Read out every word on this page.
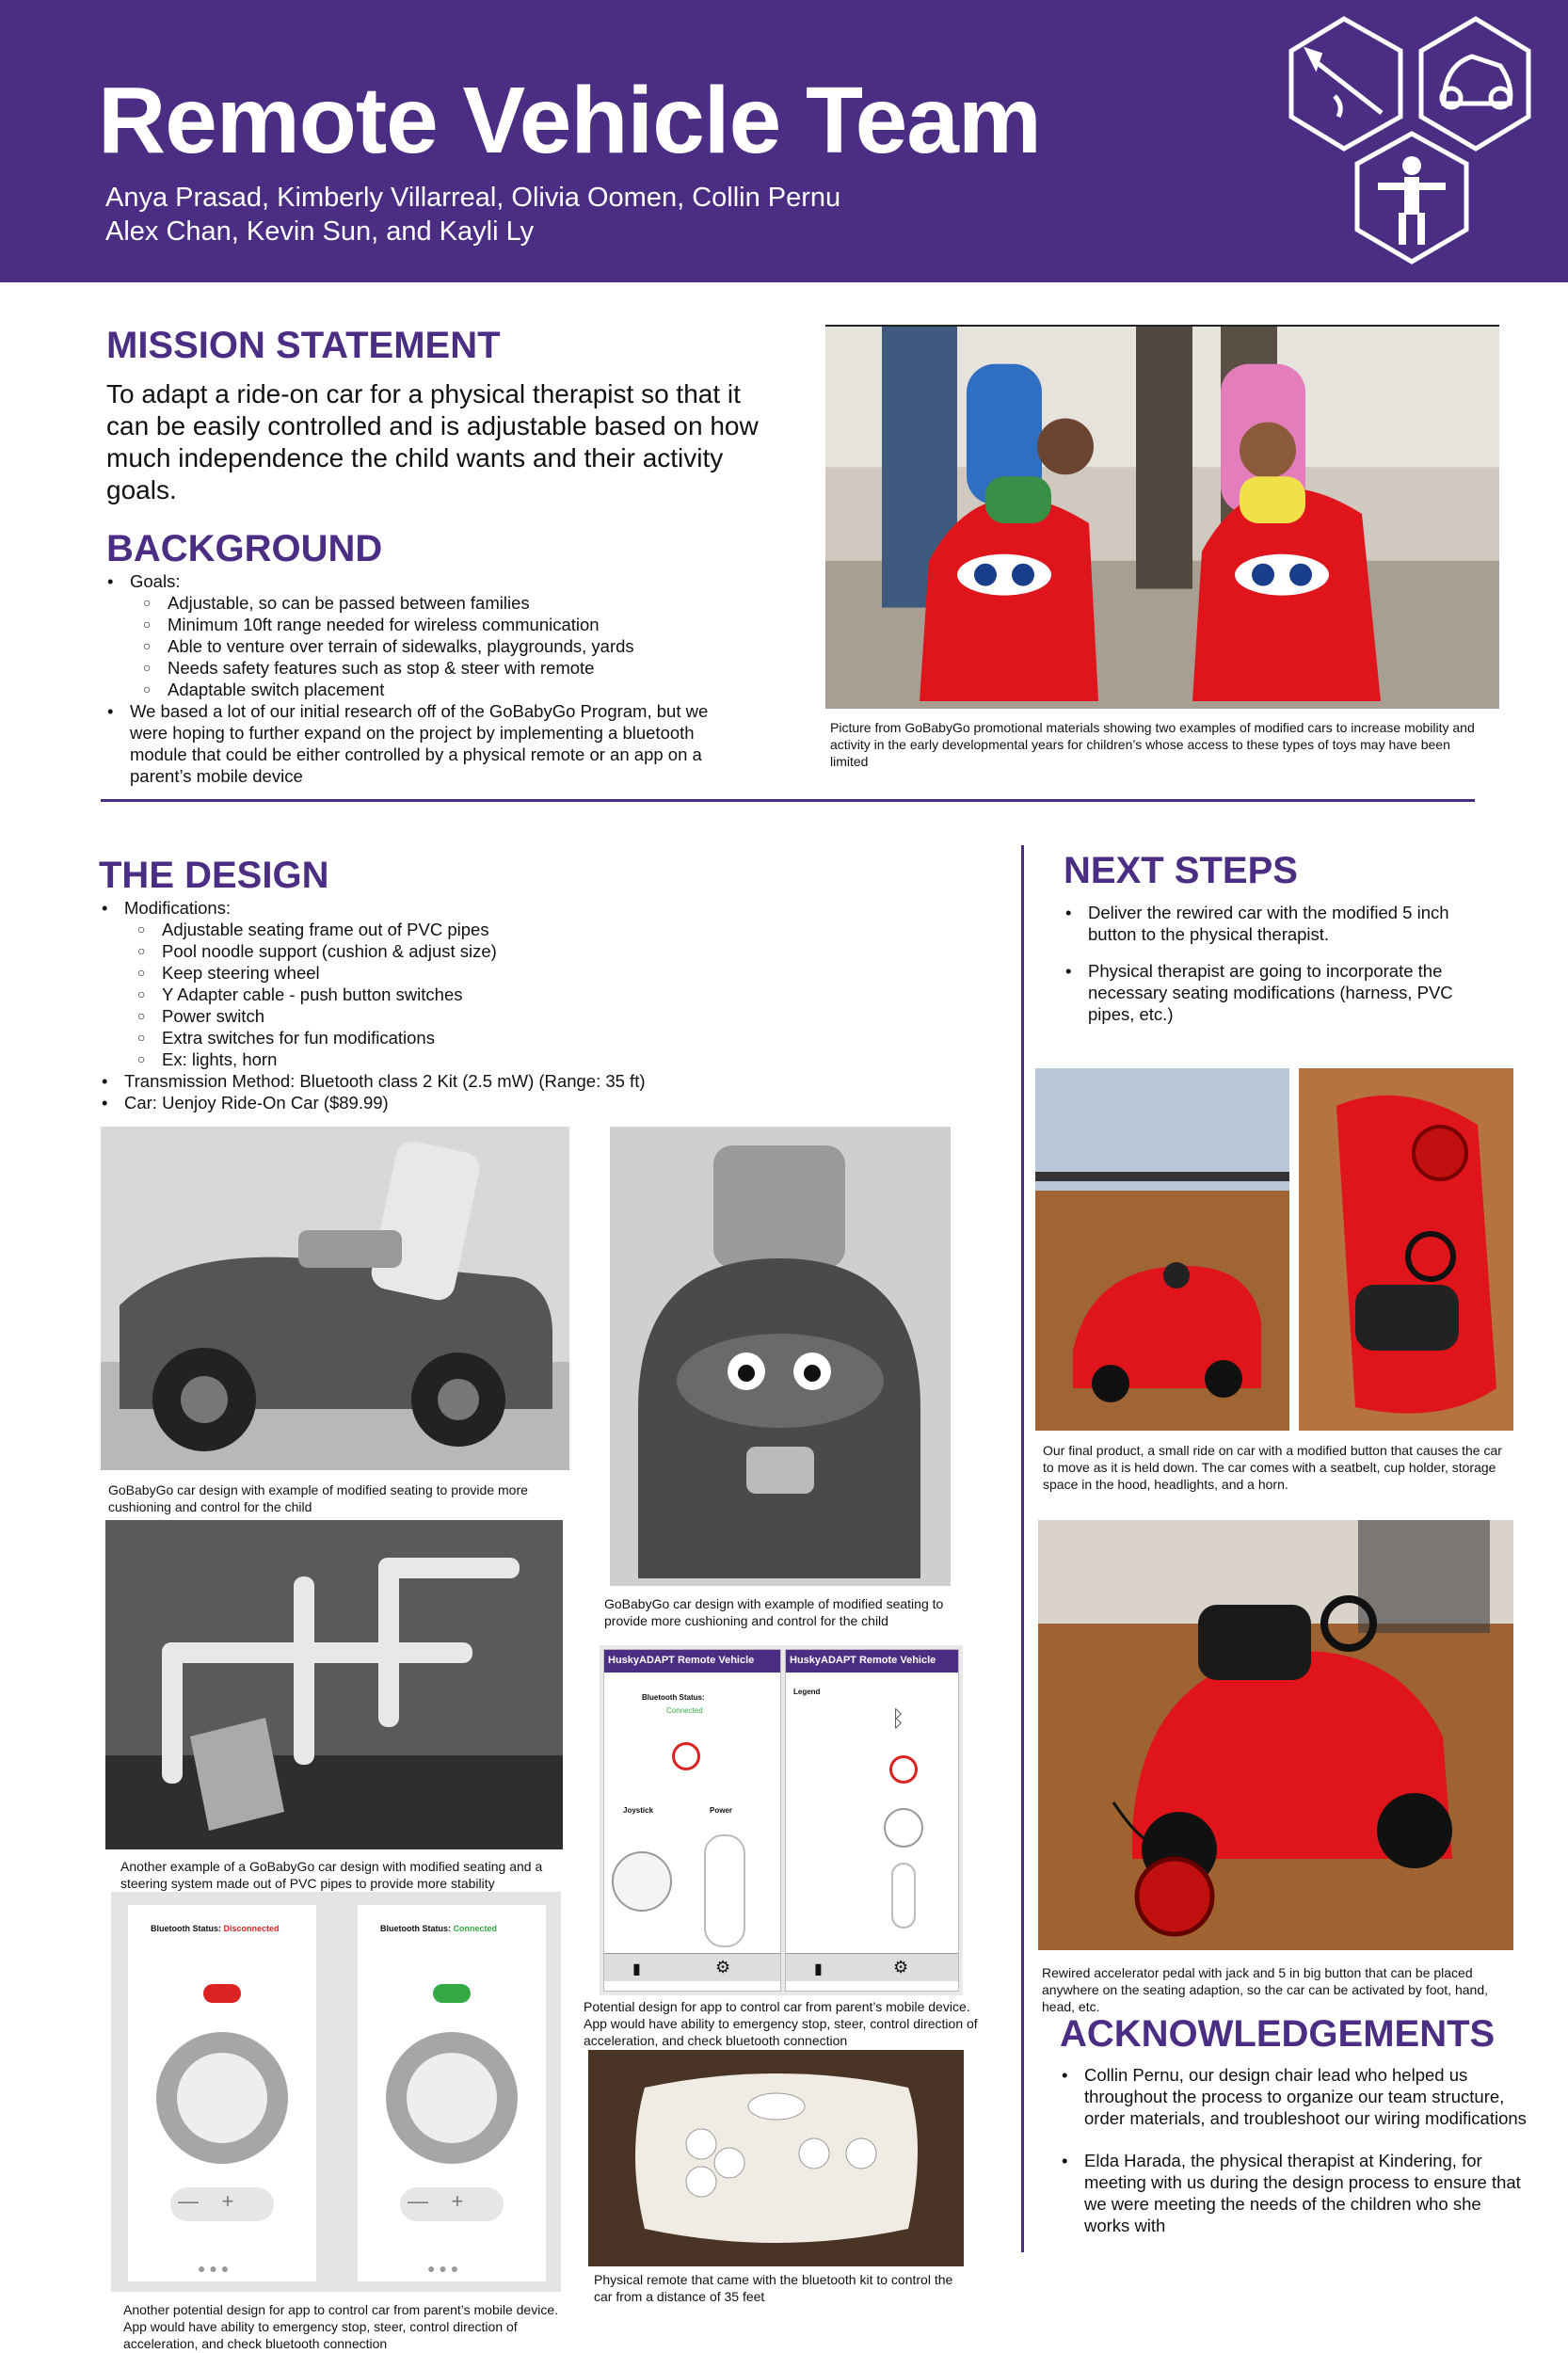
Remote Vehicle Team
Anya Prasad, Kimberly Villarreal, Olivia Oomen, Collin Pernu
Alex Chan, Kevin Sun, and Kayli Ly
MISSION STATEMENT
To adapt a ride-on car for a physical therapist so that it can be easily controlled and is adjustable based on how much independence the child wants and their activity goals.
BACKGROUND
• Goals:
○ Adjustable, so can be passed between families
○ Minimum 10ft range needed for wireless communication
○ Able to venture over terrain of sidewalks, playgrounds, yards
○ Needs safety features such as stop & steer with remote
○ Adaptable switch placement
• We based a lot of our initial research off of the GoBabyGo Program, but we were hoping to further expand on the project by implementing a bluetooth module that could be either controlled by a physical remote or an app on a parent’s mobile device
Picture from GoBabyGo promotional materials showing two examples of modified cars to increase mobility and activity in the early developmental years for children’s whose access to these types of toys may have been limited
THE DESIGN
• Modifications:
○ Adjustable seating frame out of PVC pipes
○ Pool noodle support (cushion & adjust size)
○ Keep steering wheel
○ Y Adapter cable - push button switches
○ Power switch
○ Extra switches for fun modifications
○ Ex: lights, horn
• Transmission Method: Bluetooth class 2 Kit (2.5 mW) (Range: 35 ft)
• Car: Uenjoy Ride-On Car ($89.99)
GoBabyGo car design with example of modified seating to provide more cushioning and control for the child
GoBabyGo car design with example of modified seating to provide more cushioning and control for the child
Another example of a GoBabyGo car design with modified seating and a steering system made out of PVC pipes to provide more stability
HuskyADAPT Remote Vehicle
Bluetooth Status:
Connected
Joystick	Power
▮	⚙
HuskyADAPT Remote Vehicle
Legend
ᛒ
▮	⚙
Potential design for app to control car from parent’s mobile device. App would have ability to emergency stop, steer, control direction of acceleration, and check bluetooth connection
Bluetooth Status: Disconnected
—    +
● ● ●
Bluetooth Status: Connected
—    +
● ● ●
Another potential design for app to control car from parent’s mobile device. App would have ability to emergency stop, steer, control direction of acceleration, and check bluetooth connection
Physical remote that came with the bluetooth kit to control the car from a distance of 35 feet
NEXT STEPS
• Deliver the rewired car with the modified 5 inch button to the physical therapist.
• Physical therapist are going to incorporate the necessary seating modifications (harness, PVC pipes, etc.)
Our final product, a small ride on car with a modified button that causes the car to move as it is held down. The car comes with a seatbelt, cup holder, storage space in the hood, headlights, and a horn.
Rewired accelerator pedal with jack and 5 in big button that can be placed anywhere on the seating adaption, so the car can be activated by foot, hand, head, etc.
ACKNOWLEDGEMENTS
• Collin Pernu, our design chair lead who helped us throughout the process to organize our team structure, order materials, and troubleshoot our wiring modifications
• Elda Harada, the physical therapist at Kindering, for meeting with us during the design process to ensure that we were meeting the needs of the children who she works with
